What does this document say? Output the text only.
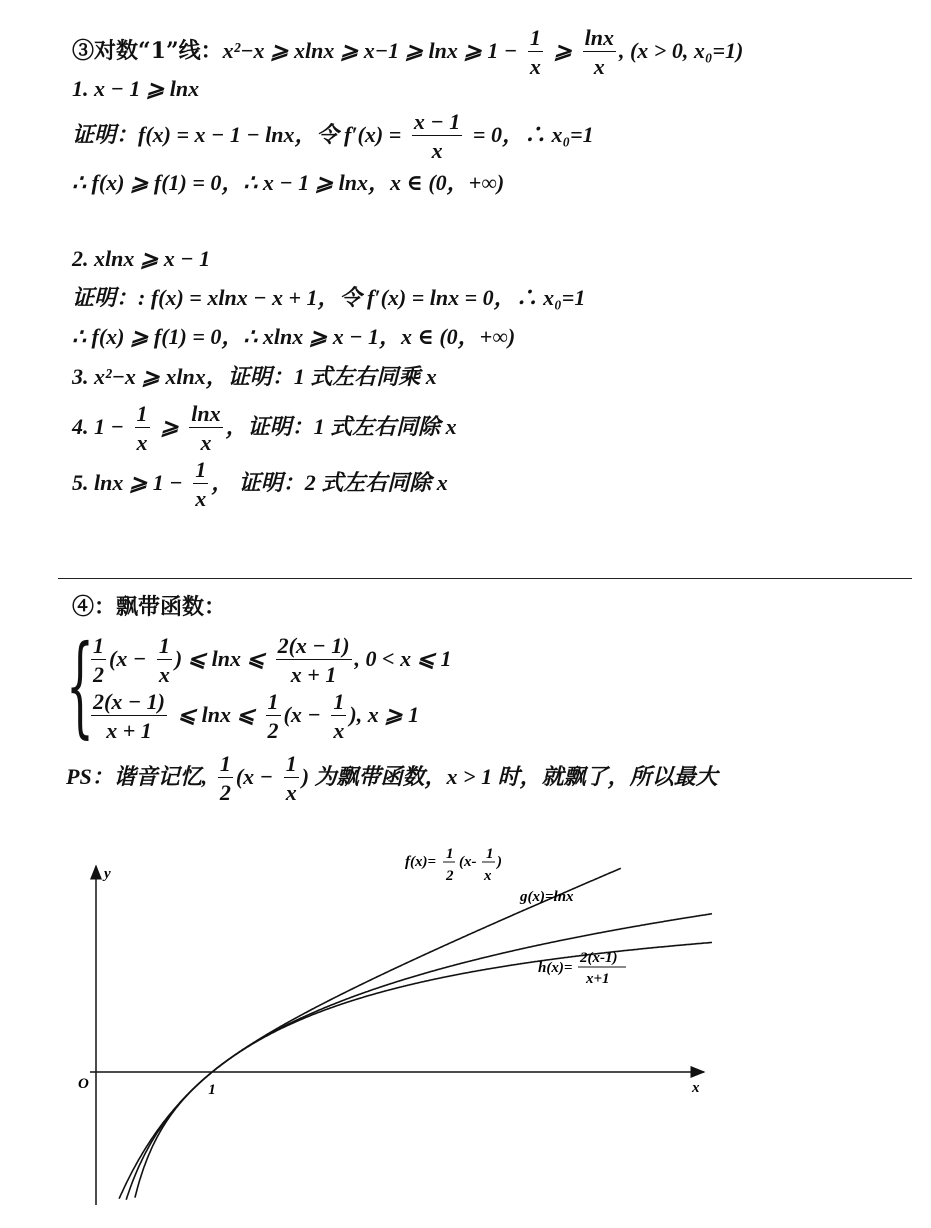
③对数“1”线：x²−x ⩾ xlnx ⩾ x−1 ⩾ lnx ⩾ $1 - \frac{1}{x}$ ⩾ $\frac{\ln x}{x}$ , (x > 0, x₀=1)
1. x − 1 ⩾ lnx
证明：f(x) = x − 1 − lnx，令 $f'(x) = \frac{x - 1}{x} = 0$，∴ x₀=1
∴ f(x) ⩾ f(1) = 0，∴ x − 1 ⩾ lnx，x ∈ (0，+∞)
2. xlnx ⩾ x − 1
证明：: f(x) = xlnx − x + 1，令 f′(x) = lnx = 0，∴ x₀=1
∴ f(x) ⩾ f(1) = 0，∴ xlnx ⩾ x − 1，x ∈ (0，+∞)
3. x²−x ⩾ xlnx，证明：1 式左右同乘 x
4. $1 - \frac{1}{x}$ ⩾ $\frac{\ln x}{x}$ ，证明：1 式左右同除 x
5. lnx ⩾ $1 - \frac{1}{x}$ ， 证明：2 式左右同除 x
④：飘带函数：
{
$\frac{1}{2} (x - \frac{1}{x}$ ) ⩽ lnx ⩽ $\frac{2(x - 1)}{x + 1}$ , 0 < x ⩽ 1
$\frac{2(x - 1)}{x + 1}$ ⩽ lnx ⩽ $\frac{1}{2} (x - \frac{1}{x}$ ), x ⩾ 1
PS：谐音记忆, $\frac{1}{2} (x - \frac{1}{x}$ ) 为飘带函数，x > 1 时，就飘了，所以最大
y
x
O	1
f(x)= 1
2
(x- 1
x
)
g(x)=lnx
h(x)=
2(x-1)
x+1
